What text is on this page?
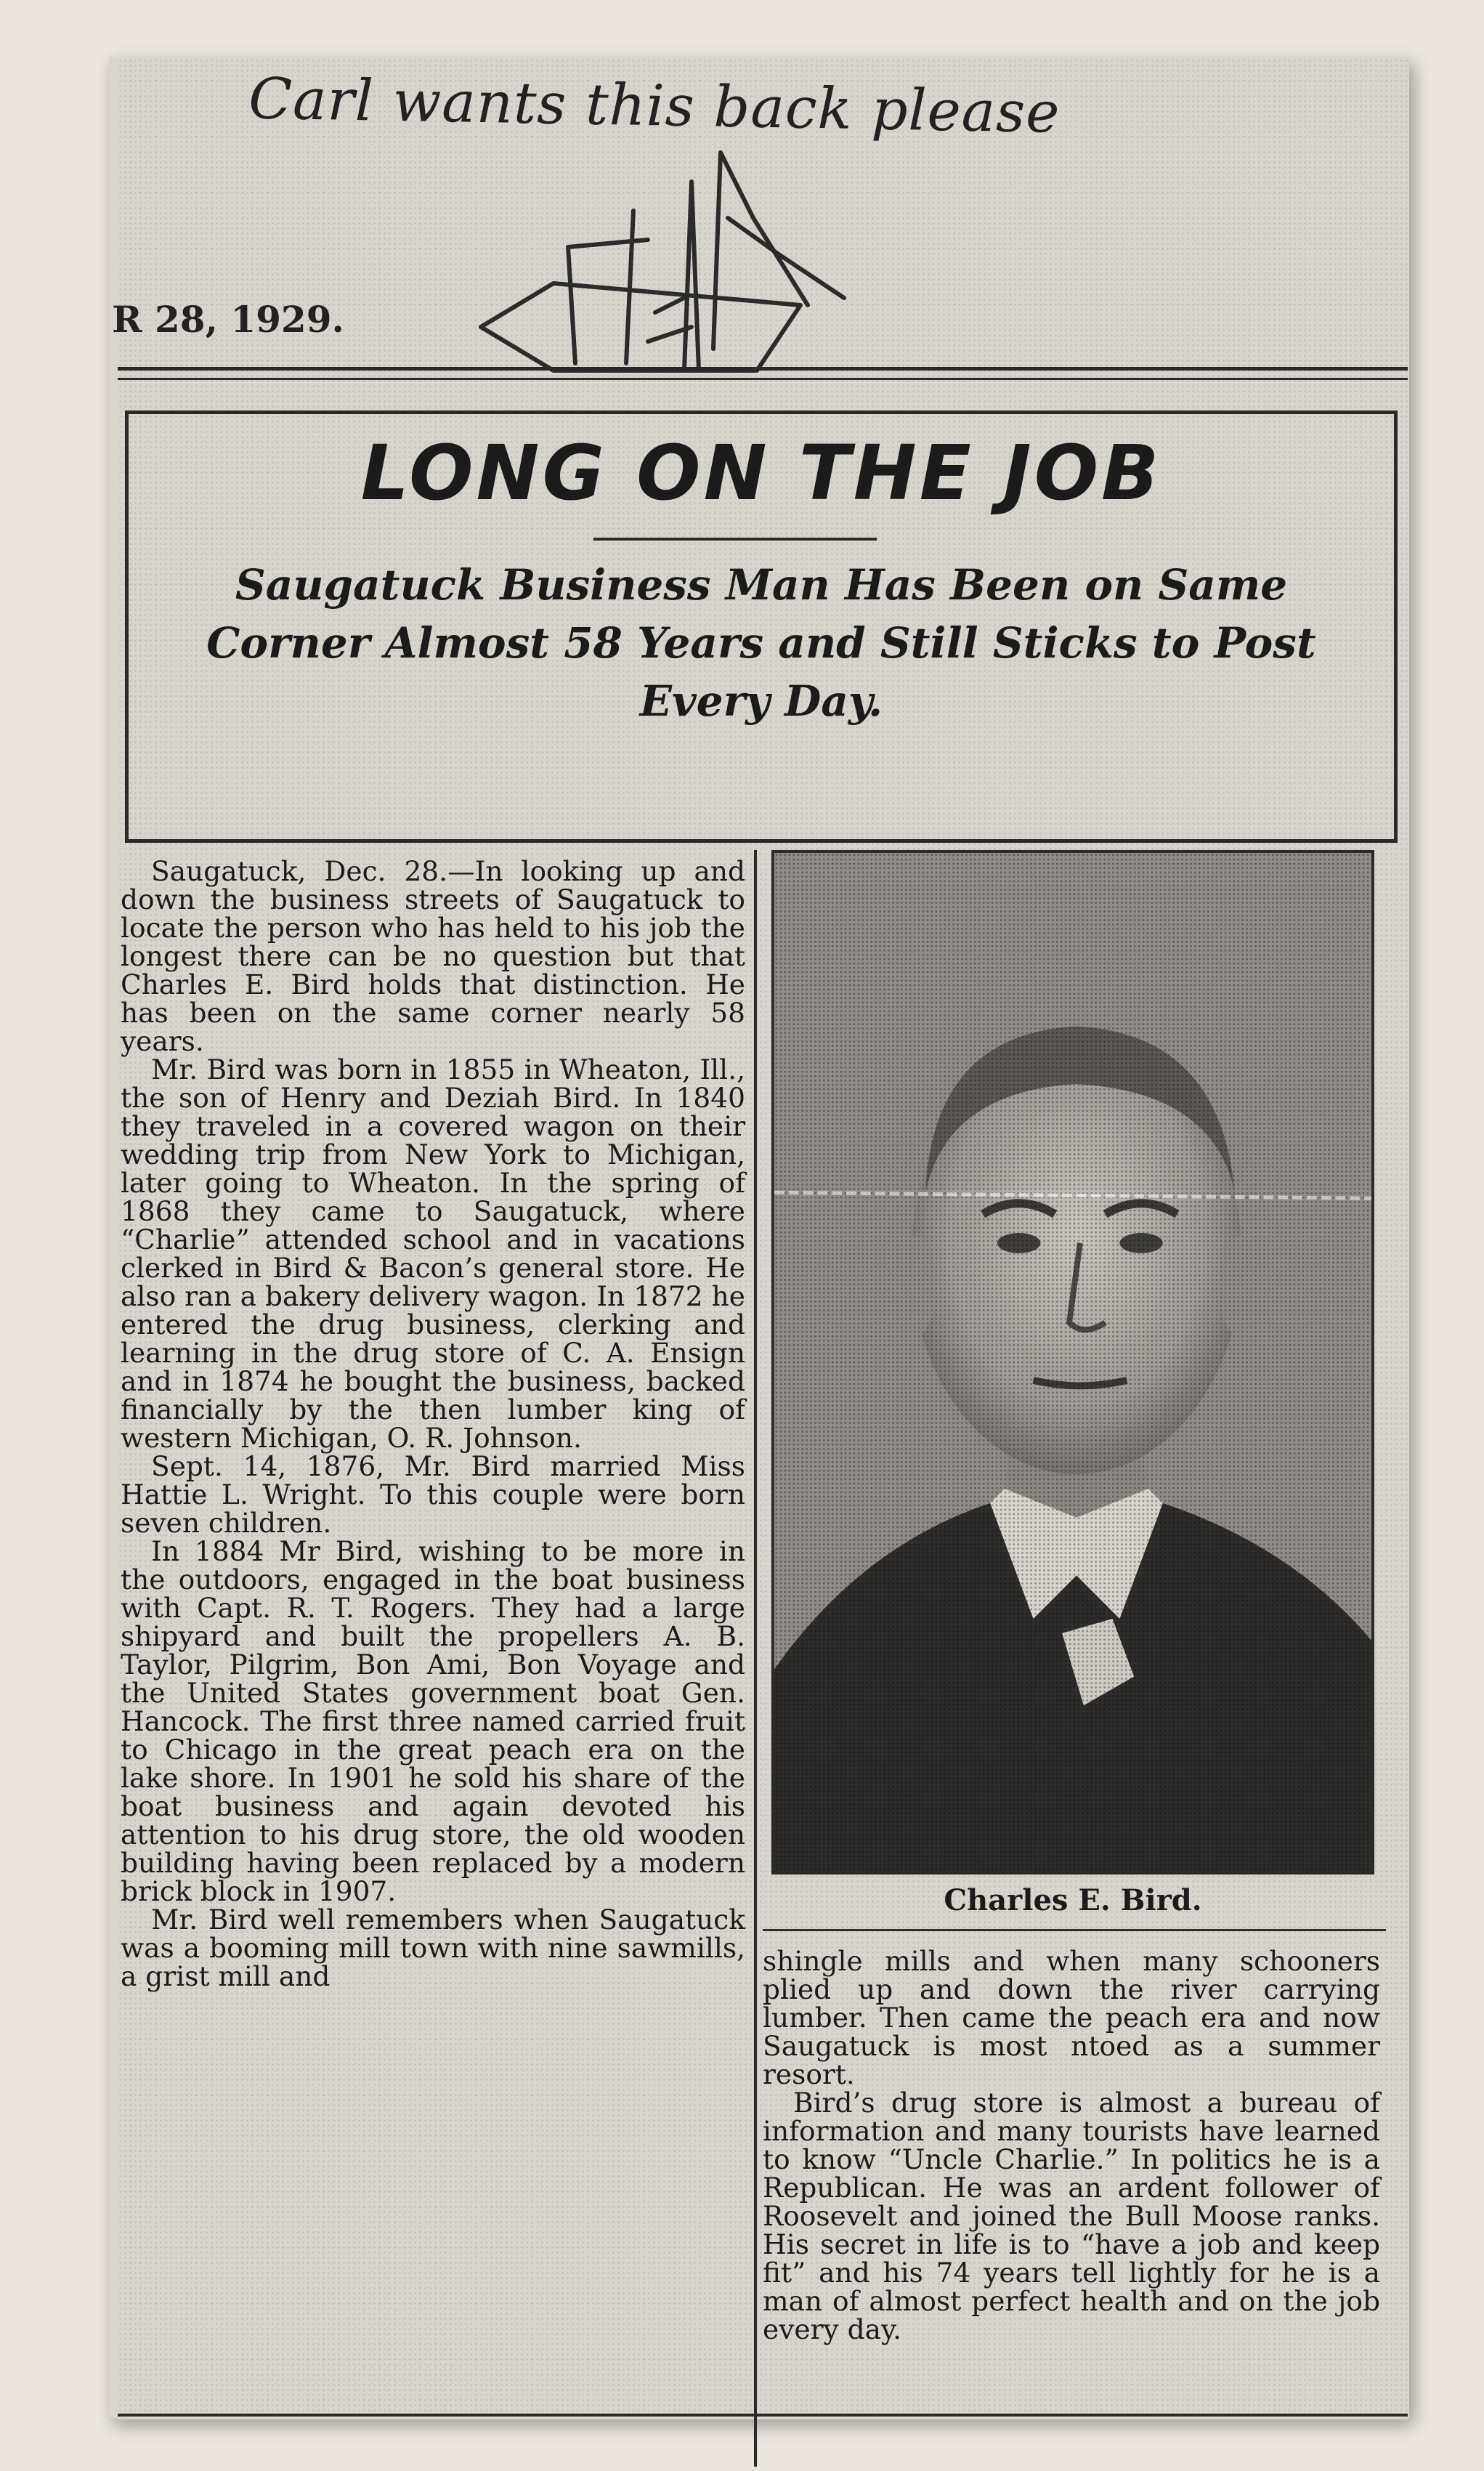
Carl wants this back please
R 28, 1929.
LONG ON THE JOB
Saugatuck Business Man Has Been on Same Corner Almost 58 Years and Still Sticks to Post Every Day.

Saugatuck, Dec. 28.—In looking up and down the business streets of Saugatuck to locate the person who has held to his job the longest there can be no question but that Charles E. Bird holds that distinction. He has been on the same corner nearly 58 years.

Mr. Bird was born in 1855 in Wheaton, Ill., the son of Henry and Deziah Bird. In 1840 they traveled in a covered wagon on their wedding trip from New York to Michigan, later going to Wheaton. In the spring of 1868 they came to Saugatuck, where “Charlie” attended school and in vacations clerked in Bird & Bacon’s general store. He also ran a bakery delivery wagon. In 1872 he entered the drug business, clerking and learning in the drug store of C. A. Ensign and in 1874 he bought the business, backed financially by the then lumber king of western Michigan, O. R. Johnson.

Sept. 14, 1876, Mr. Bird married Miss Hattie L. Wright. To this couple were born seven children.

In 1884 Mr Bird, wishing to be more in the outdoors, engaged in the boat business with Capt. R. T. Rogers. They had a large shipyard and built the propellers A. B. Taylor, Pilgrim, Bon Ami, Bon Voyage and the United States government boat Gen. Hancock. The first three named carried fruit to Chicago in the great peach era on the lake shore. In 1901 he sold his share of the boat business and again devoted his attention to his drug store, the old wooden building having been replaced by a modern brick block in 1907.

Mr. Bird well remembers when Saugatuck was a booming mill town with nine sawmills, a grist mill and

Charles E. Bird.

shingle mills and when many schooners plied up and down the river carrying lumber. Then came the peach era and now Saugatuck is most ntoed as a summer resort.

Bird’s drug store is almost a bureau of information and many tourists have learned to know “Uncle Charlie.” In politics he is a Republican. He was an ardent follower of Roosevelt and joined the Bull Moose ranks. His secret in life is to “have a job and keep fit” and his 74 years tell lightly for he is a man of almost perfect health and on the job every day.
